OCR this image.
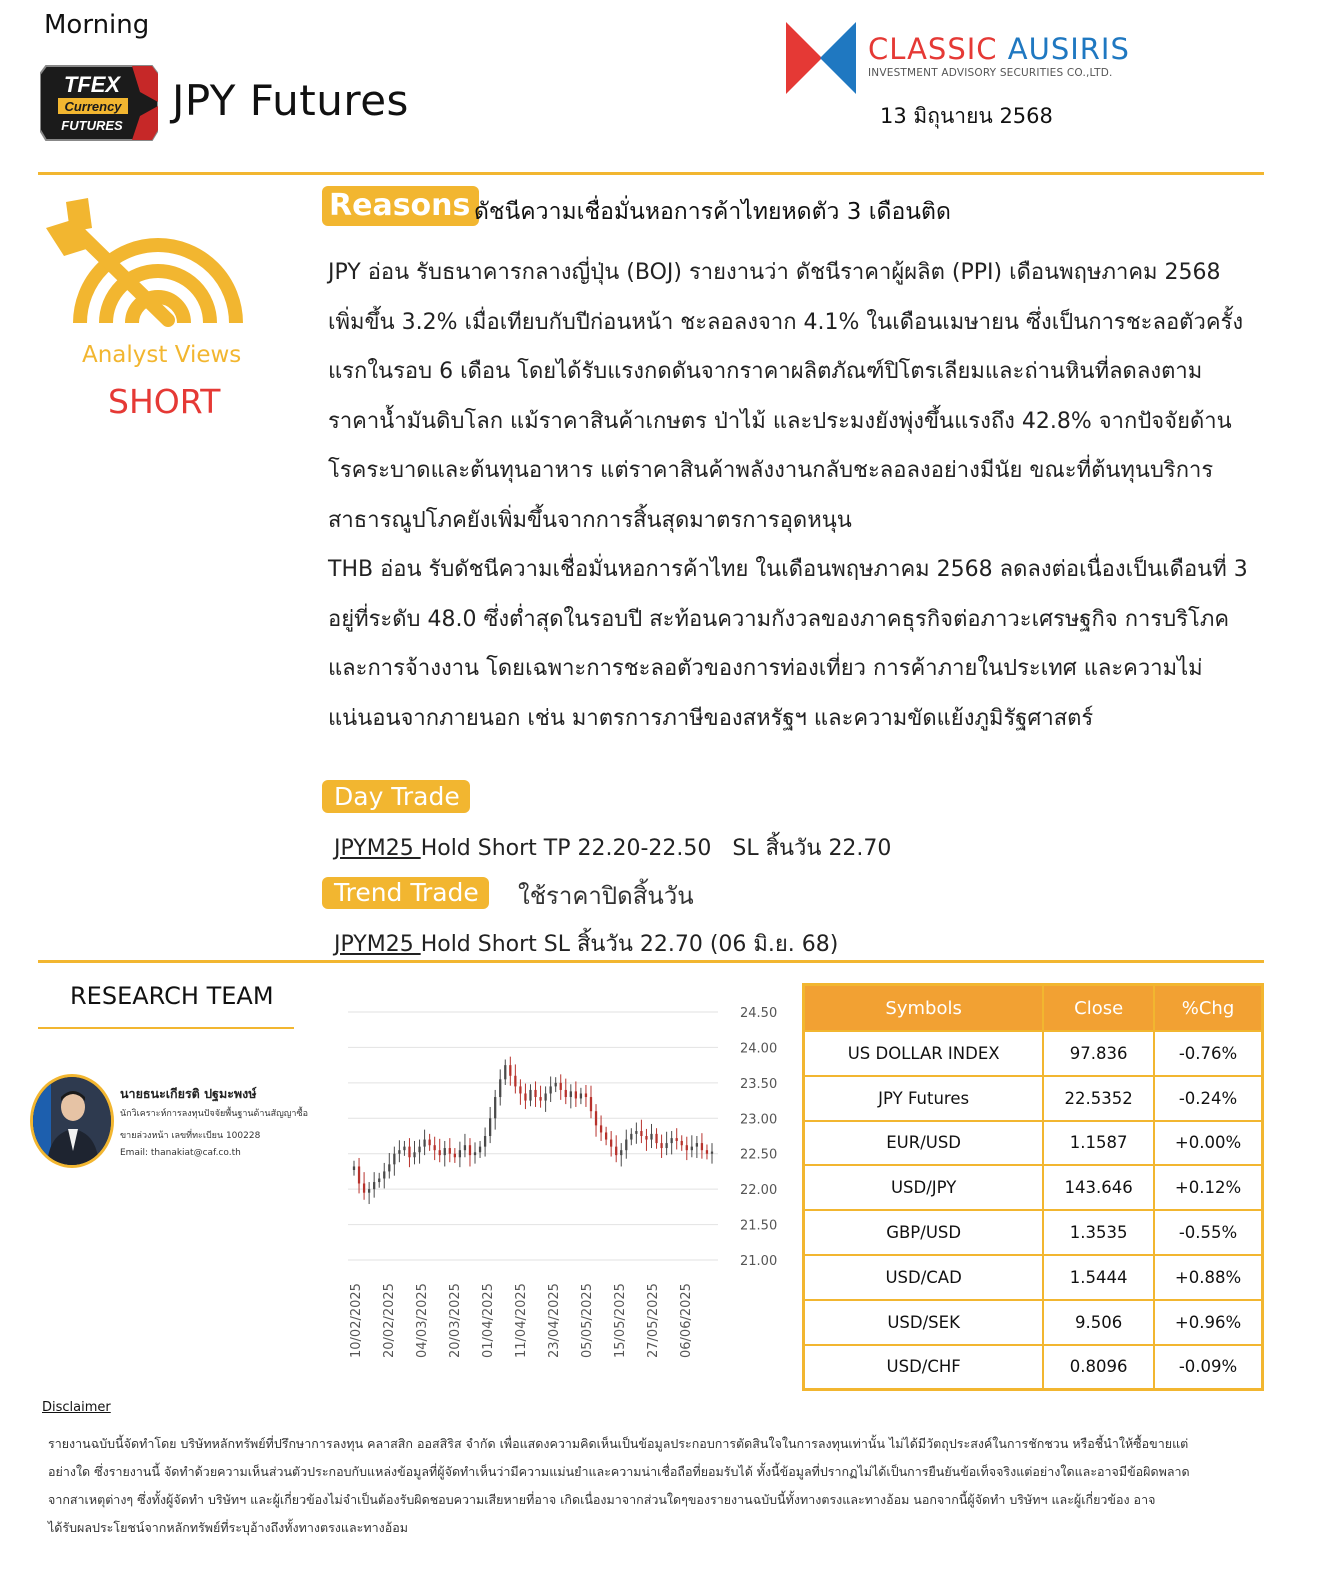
Morning
TFEX
Currency
FUTURES
JPY Futures
CLASSIC AUSIRIS
INVESTMENT ADVISORY SECURITIES CO.,LTD.
13 มิถุนายน 2568
Analyst Views
SHORT
Reasons ดัชนีความเชื่อมั่นหอการค้าไทยหดตัว 3 เดือนติด

JPY อ่อน รับธนาคารกลางญี่ปุ่น (BOJ) รายงานว่า ดัชนีราคาผู้ผลิต (PPI) เดือนพฤษภาคม 2568 เพิ่มขึ้น 3.2% เมื่อเทียบกับปีก่อนหน้า ชะลอลงจาก 4.1% ในเดือนเมษายน ซึ่งเป็นการชะลอตัวครั้งแรกในรอบ 6 เดือน โดยได้รับแรงกดดันจากราคาผลิตภัณฑ์ปิโตรเลียมและถ่านหินที่ลดลงตามราคาน้ำมันดิบโลก แม้ราคาสินค้าเกษตร ป่าไม้ และประมงยังพุ่งขึ้นแรงถึง 42.8% จากปัจจัยด้านโรคระบาดและต้นทุนอาหาร แต่ราคาสินค้าพลังงานกลับชะลอลงอย่างมีนัย ขณะที่ต้นทุนบริการสาธารณูปโภคยังเพิ่มขึ้นจากการสิ้นสุดมาตรการอุดหนุน

THB อ่อน รับดัชนีความเชื่อมั่นหอการค้าไทย ในเดือนพฤษภาคม 2568 ลดลงต่อเนื่องเป็นเดือนที่ 3 อยู่ที่ระดับ 48.0 ซึ่งต่ำสุดในรอบปี สะท้อนความกังวลของภาคธุรกิจต่อภาวะเศรษฐกิจ การบริโภค และการจ้างงาน โดยเฉพาะการชะลอตัวของการท่องเที่ยว การค้าภายในประเทศ และความไม่แน่นอนจากภายนอก เช่น มาตรการภาษีของสหรัฐฯ และความขัดแย้งภูมิรัฐศาสตร์

Day Trade
JPYM25 Hold Short TP 22.20-22.50   SL สิ้นวัน 22.70
Trend Trade	ใช้ราคาปิดสิ้นวัน
JPYM25 Hold Short SL สิ้นวัน 22.70 (06 มิ.ย. 68)
RESEARCH TEAM
นายธนะเกียรติ ปฐมะพงษ์
นักวิเคราะห์การลงทุนปัจจัยพื้นฐานด้านสัญญาซื้อ
ขายล่วงหน้า เลขที่ทะเบียน 100228
Email: thanakiat@caf.co.th
24.50
24.00
23.50
23.00
22.50
22.00
21.50
21.00
10/02/2025 20/02/2025 04/03/2025 20/03/2025 01/04/2025 11/04/2025 23/04/2025 05/05/2025 15/05/2025 27/05/2025 06/06/2025
Symbols	Close	%Chg
US DOLLAR INDEX	97.836	-0.76%
JPY Futures	22.5352	-0.24%
EUR/USD	1.1587	+0.00%
USD/JPY	143.646	+0.12%
GBP/USD	1.3535	-0.55%
USD/CAD	1.5444	+0.88%
USD/SEK	9.506	+0.96%
USD/CHF	0.8096	-0.09%
Disclaimer

รายงานฉบับนี้จัดทำโดย บริษัทหลักทรัพย์ที่ปรึกษาการลงทุน คลาสสิก ออสสิริส จำกัด เพื่อแสดงความคิดเห็นเป็นข้อมูลประกอบการตัดสินใจในการลงทุนเท่านั้น ไม่ได้มีวัตถุประสงค์ในการชักชวน หรือชี้นำให้ซื้อขายแต่

อย่างใด ซึ่งรายงานนี้ จัดทำด้วยความเห็นส่วนตัวประกอบกับแหล่งข้อมูลที่ผู้จัดทำเห็นว่ามีความแม่นยำและความน่าเชื่อถือที่ยอมรับได้ ทั้งนี้ข้อมูลที่ปรากฏไม่ได้เป็นการยืนยันข้อเท็จจริงแต่อย่างใดและอาจมีข้อผิดพลาด

จากสาเหตุต่างๆ ซึ่งทั้งผู้จัดทำ บริษัทฯ และผู้เกี่ยวข้องไม่จำเป็นต้องรับผิดชอบความเสียหายที่อาจ เกิดเนื่องมาจากส่วนใดๆของรายงานฉบับนี้ทั้งทางตรงและทางอ้อม นอกจากนี้ผู้จัดทำ บริษัทฯ และผู้เกี่ยวข้อง อาจ

ได้รับผลประโยชน์จากหลักทรัพย์ที่ระบุอ้างถึงทั้งทางตรงและทางอ้อม
